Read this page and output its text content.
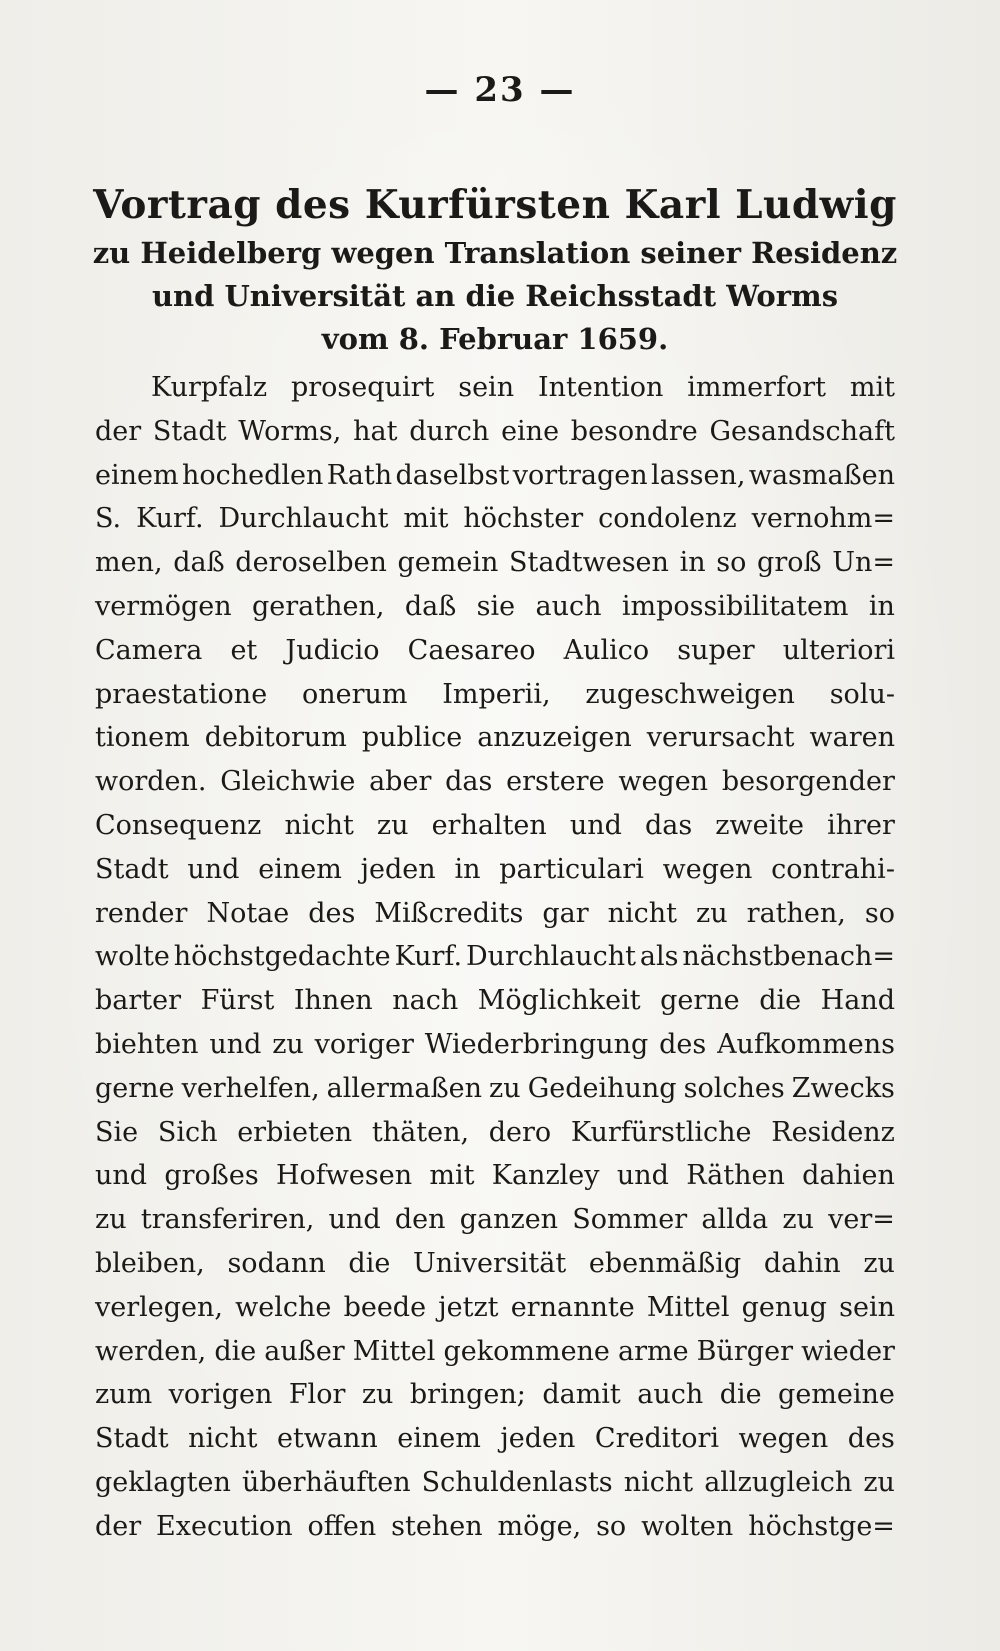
— 23 —
Vortrag des Kurfürsten Karl Ludwig
zu Heidelberg wegen Translation seiner Residenz
und Universität an die Reichsstadt Worms
vom 8. Februar 1659.
Kurpfalz prosequirt sein Intention immerfort mit
der Stadt Worms, hat durch eine besondre Gesandschaft
einem hochedlen Rath daselbst vortragen lassen, wasmaßen
S. Kurf. Durchlaucht mit höchster condolenz vernohm=
men, daß deroselben gemein Stadtwesen in so groß Un=
vermögen gerathen, daß sie auch impossibilitatem in
Camera et Judicio Caesareo Aulico super ulteriori
praestatione onerum Imperii, zugeschweigen solu-
tionem debitorum publice anzuzeigen verursacht waren
worden. Gleichwie aber das erstere wegen besorgender
Consequenz nicht zu erhalten und das zweite ihrer
Stadt und einem jeden in particulari wegen contrahi-
render Notae des Mißcredits gar nicht zu rathen, so
wolte höchstgedachte Kurf. Durchlaucht als nächstbenach=
barter Fürst Ihnen nach Möglichkeit gerne die Hand
biehten und zu voriger Wiederbringung des Aufkommens
gerne verhelfen, allermaßen zu Gedeihung solches Zwecks
Sie Sich erbieten thäten, dero Kurfürstliche Residenz
und großes Hofwesen mit Kanzley und Räthen dahien
zu transferiren, und den ganzen Sommer allda zu ver=
bleiben, sodann die Universität ebenmäßig dahin zu
verlegen, welche beede jetzt ernannte Mittel genug sein
werden, die außer Mittel gekommene arme Bürger wieder
zum vorigen Flor zu bringen; damit auch die gemeine
Stadt nicht etwann einem jeden Creditori wegen des
geklagten überhäuften Schuldenlasts nicht allzugleich zu
der Execution offen stehen möge, so wolten höchstge=
